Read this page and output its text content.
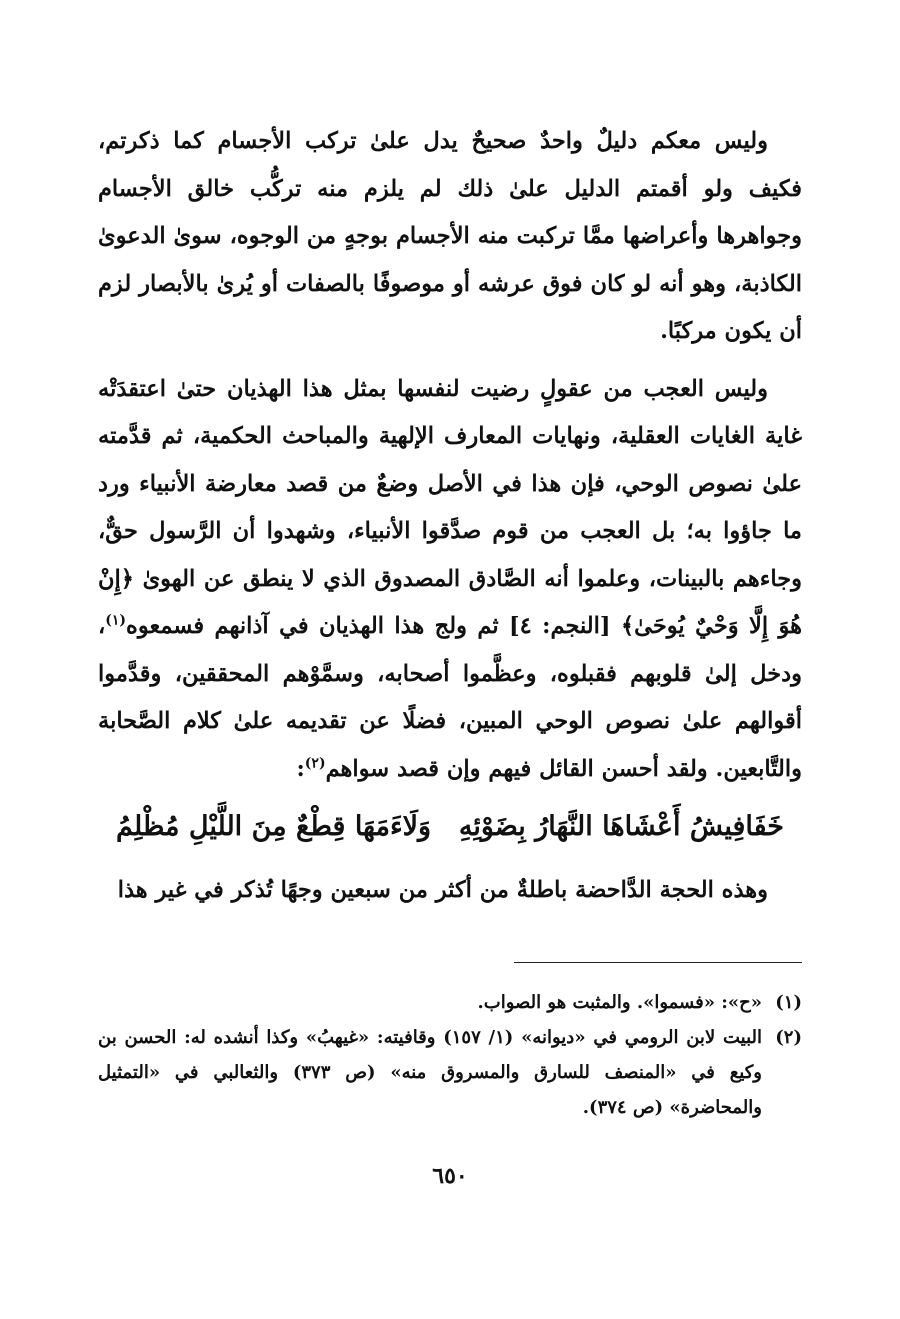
وليس معكم دليلٌ واحدٌ صحيحٌ يدل علىٰ تركب الأجسام كما ذكرتم، فكيف ولو أقمتم الدليل علىٰ ذلك لم يلزم منه تركُّب خالق الأجسام وجواهرها وأعراضها ممَّا تركبت منه الأجسام بوجهٍ من الوجوه، سوىٰ الدعوىٰ الكاذبة، وهو أنه لو كان فوق عرشه أو موصوفًا بالصفات أو يُرىٰ بالأبصار لزم أن يكون مركبًا.

وليس العجب من عقولٍ رضيت لنفسها بمثل هذا الهذيان حتىٰ اعتقدَتْه غاية الغايات العقلية، ونهايات المعارف الإلهية والمباحث الحكمية، ثم قدَّمته علىٰ نصوص الوحي، فإن هذا في الأصل وضعٌ من قصد معارضة الأنبياء ورد ما جاؤوا به؛ بل العجب من قوم صدَّقوا الأنبياء، وشهدوا أن الرَّسول حقٌّ، وجاءهم بالبينات، وعلموا أنه الصَّادق المصدوق الذي لا ينطق عن الهوىٰ ﴿إِنْ هُوَ إِلَّا وَحْيٌ يُوحَىٰ﴾ [النجم: ٤] ثم ولج هذا الهذيان في آذانهم فسمعوه$^{(١)}$، ودخل إلىٰ قلوبهم فقبلوه، وعظَّموا أصحابه، وسمَّوْهم المحققين، وقدَّموا أقوالهم علىٰ نصوص الوحي المبين، فضلًا عن تقديمه علىٰ كلام الصَّحابة والتَّابعين. ولقد أحسن القائل فيهم وإن قصد سواهم$^{(٢)}$:

خَفَافِيشُ أَعْشَاهَا النَّهَارُ بِضَوْئِهِ
وَلَاءَمَهَا قِطْعٌ مِنَ اللَّيْلِ مُظْلِمُ

وهذه الحجة الدَّاحضة باطلةٌ من أكثر من سبعين وجهًا تُذكر في غير هذا

(١)
«ح»: «فسموا». والمثبت هو الصواب.
(٢)
البيت لابن الرومي في «ديوانه» (١/ ١٥٧) وقافيته: «غيهبُ» وكذا أنشده له: الحسن بن وكيع في «المنصف للسارق والمسروق منه» (ص ٣٧٣) والثعالبي في «التمثيل والمحاضرة» (ص ٣٧٤).
٦٥٠
